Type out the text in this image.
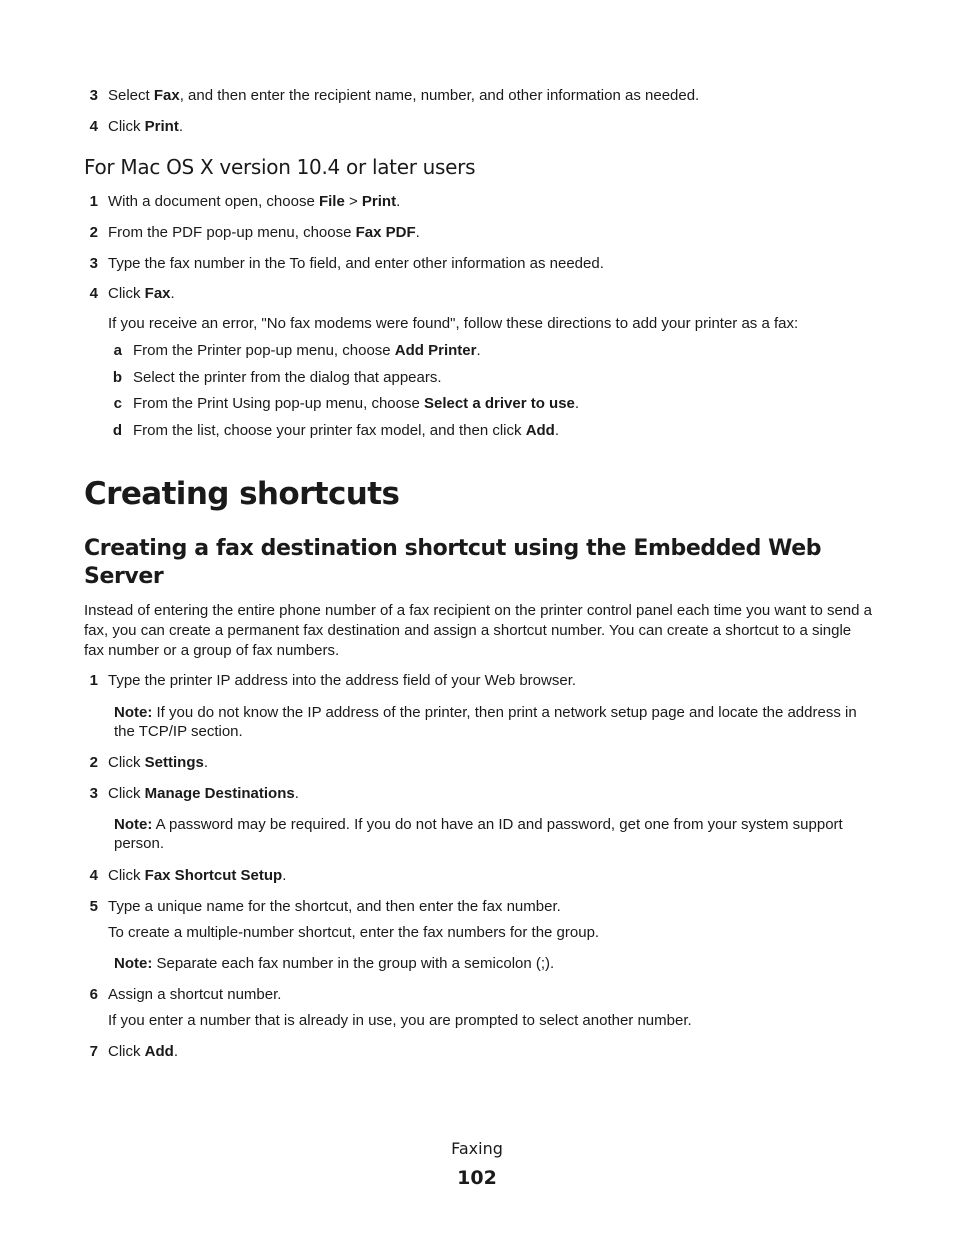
3 Select Fax, and then enter the recipient name, number, and other information as needed.
4 Click Print.
For Mac OS X version 10.4 or later users
1 With a document open, choose File > Print.
2 From the PDF pop-up menu, choose Fax PDF.
3 Type the fax number in the To field, and enter other information as needed.
4 Click Fax.
If you receive an error, "No fax modems were found", follow these directions to add your printer as a fax:
a From the Printer pop-up menu, choose Add Printer.
b Select the printer from the dialog that appears.
c From the Print Using pop-up menu, choose Select a driver to use.
d From the list, choose your printer fax model, and then click Add.
Creating shortcuts
Creating a fax destination shortcut using the Embedded Web Server
Instead of entering the entire phone number of a fax recipient on the printer control panel each time you want to send a fax, you can create a permanent fax destination and assign a shortcut number. You can create a shortcut to a single fax number or a group of fax numbers.
1 Type the printer IP address into the address field of your Web browser.
Note: If you do not know the IP address of the printer, then print a network setup page and locate the address in the TCP/IP section.
2 Click Settings.
3 Click Manage Destinations.
Note: A password may be required. If you do not have an ID and password, get one from your system support person.
4 Click Fax Shortcut Setup.
5 Type a unique name for the shortcut, and then enter the fax number.
To create a multiple-number shortcut, enter the fax numbers for the group.
Note: Separate each fax number in the group with a semicolon (;).
6 Assign a shortcut number.
If you enter a number that is already in use, you are prompted to select another number.
7 Click Add.
Faxing
102
